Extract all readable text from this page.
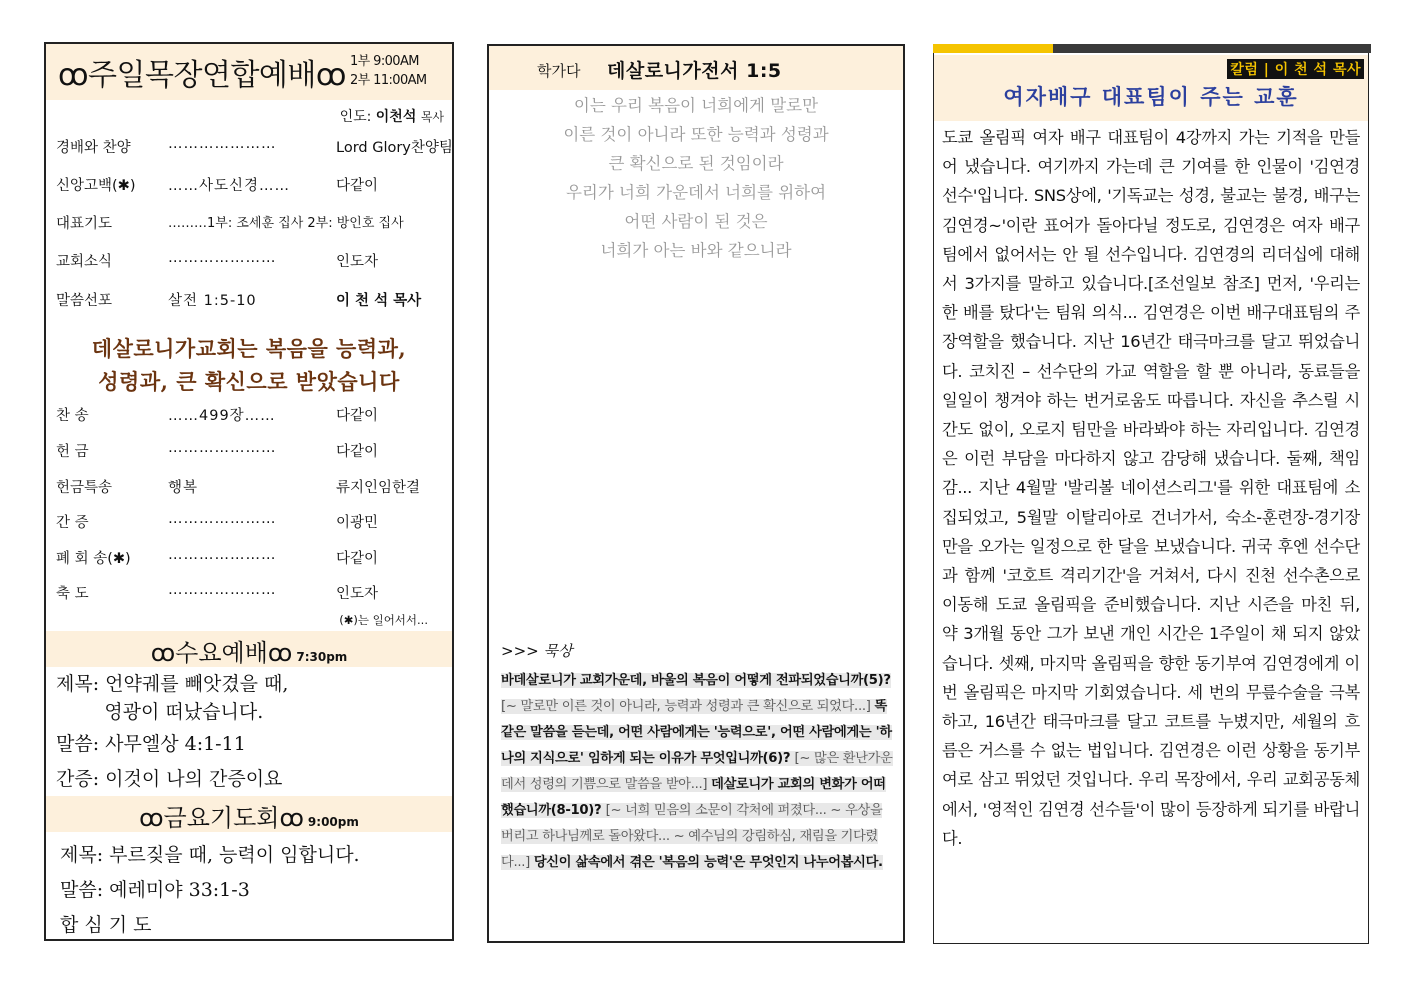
ꝏ주일목장연합예배ꝏ 1부 9:00AM
2부 11:00AM
인도: 이천석 목사
경배와 찬양	…………………	Lord Glory찬양팀
신앙고백(✱) ……사도신경……	다같이
대표기도	………1부: 조세훈 집사 2부: 방인호 집사
교회소식	…………………	인도자
말씀선포	살전 1:5-10	이 천 석 목사
데살로니가교회는 복음을 능력과,
성령과, 큰 확신으로 받았습니다
찬 송	……499장……	다같이
헌 금	…………………	다같이
헌금특송	행복	류지인임한결
간 증	…………………	이광민
폐 회 송(✱)	…………………	다같이
축 도	…………………	인도자
(✱)는 일어서서...
ꝏ수요예배ꝏ 7:30pm
제목: 언약궤를 빼앗겼을 때,
영광이 떠났습니다.
말씀: 사무엘상 4:1-11
간증: 이것이 나의 간증이요
ꝏ금요기도회ꝏ 9:00pm
제목: 부르짖을 때, 능력이 임합니다.
말씀: 예레미야 33:1-3
합 심 기 도
학가다 데살로니가전서 1:5
이는 우리 복음이 너희에게 말로만
이른 것이 아니라 또한 능력과 성령과
큰 확신으로 된 것임이라
우리가 너희 가운데서 너희를 위하여
어떤 사람이 된 것은
너희가 아는 바와 같으니라
>>> 묵상
바데살로니가 교회가운데, 바울의 복음이 어떻게 전파되었습니까(5)? [~ 말로만 이른 것이 아니라, 능력과 성령과 큰 확신으로 되었다...] 똑같은 말씀을 듣는데, 어떤 사람에게는 '능력으로', 어떤 사람에게는 '하나의 지식으로' 임하게 되는 이유가 무엇입니까(6)? [~ 많은 환난가운데서 성령의 기쁨으로 말씀을 받아...] 데살로니가 교회의 변화가 어떠했습니까(8-10)? [~ 너희 믿음의 소문이 각처에 퍼졌다... ~ 우상을 버리고 하나님께로 돌아왔다... ~ 예수님의 강림하심, 재림을 기다렸다...] 당신이 삶속에서 겪은 '복음의 능력'은 무엇인지 나누어봅시다.
칼럼 | 이 천 석 목사
여자배구 대표팀이 주는 교훈
도쿄 올림픽 여자 배구 대표팀이 4강까지 가는 기적을 만들어 냈습니다. 여기까지 가는데 큰 기여를 한 인물이 '김연경 선수'입니다. SNS상에, '기독교는 성경, 불교는 불경, 배구는 김연경~'이란 표어가 돌아다닐 정도로, 김연경은 여자 배구팀에서 없어서는 안 될 선수입니다. 김연경의 리더십에 대해서 3가지를 말하고 있습니다.[조선일보 참조] 먼저, '우리는 한 배를 탔다'는 팀워 의식... 김연경은 이번 배구대표팀의 주장역할을 했습니다. 지난 16년간 태극마크를 달고 뛰었습니다. 코치진 – 선수단의 가교 역할을 할 뿐 아니라, 동료들을 일일이 챙겨야 하는 번거로움도 따릅니다. 자신을 추스릴 시간도 없이, 오로지 팀만을 바라봐야 하는 자리입니다. 김연경은 이런 부담을 마다하지 않고 감당해 냈습니다. 둘째, 책임감... 지난 4월말 '발리볼 네이션스리그'를 위한 대표팀에 소집되었고, 5월말 이탈리아로 건너가서, 숙소-훈련장-경기장만을 오가는 일정으로 한 달을 보냈습니다. 귀국 후엔 선수단과 함께 '코호트 격리기간'을 거쳐서, 다시 진천 선수촌으로 이동해 도쿄 올림픽을 준비했습니다. 지난 시즌을 마친 뒤, 약 3개월 동안 그가 보낸 개인 시간은 1주일이 채 되지 않았습니다. 셋째, 마지막 올림픽을 향한 동기부여 김연경에게 이번 올림픽은 마지막 기회였습니다. 세 번의 무릎수술을 극복하고, 16년간 태극마크를 달고 코트를 누볐지만, 세월의 흐름은 거스를 수 없는 법입니다. 김연경은 이런 상황을 동기부여로 삼고 뛰었던 것입니다. 우리 목장에서, 우리 교회공동체에서, '영적인 김연경 선수들'이 많이 등장하게 되기를 바랍니다.
